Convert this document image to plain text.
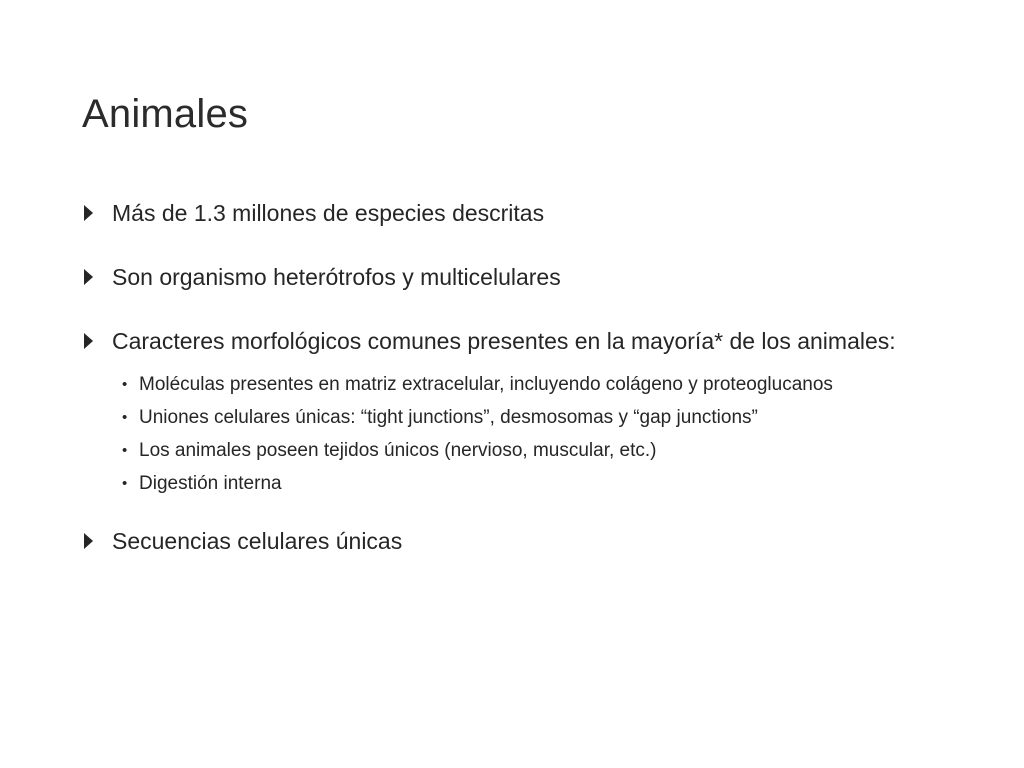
Animales
Más de 1.3 millones de especies descritas
Son organismo heterótrofos y multicelulares
Caracteres morfológicos comunes presentes en la mayoría* de los animales:
• Moléculas presentes en matriz extracelular, incluyendo colágeno y proteoglucanos
• Uniones celulares únicas: “tight junctions”, desmosomas y “gap junctions”
• Los animales poseen tejidos únicos (nervioso, muscular, etc.)
• Digestión interna
Secuencias celulares únicas
